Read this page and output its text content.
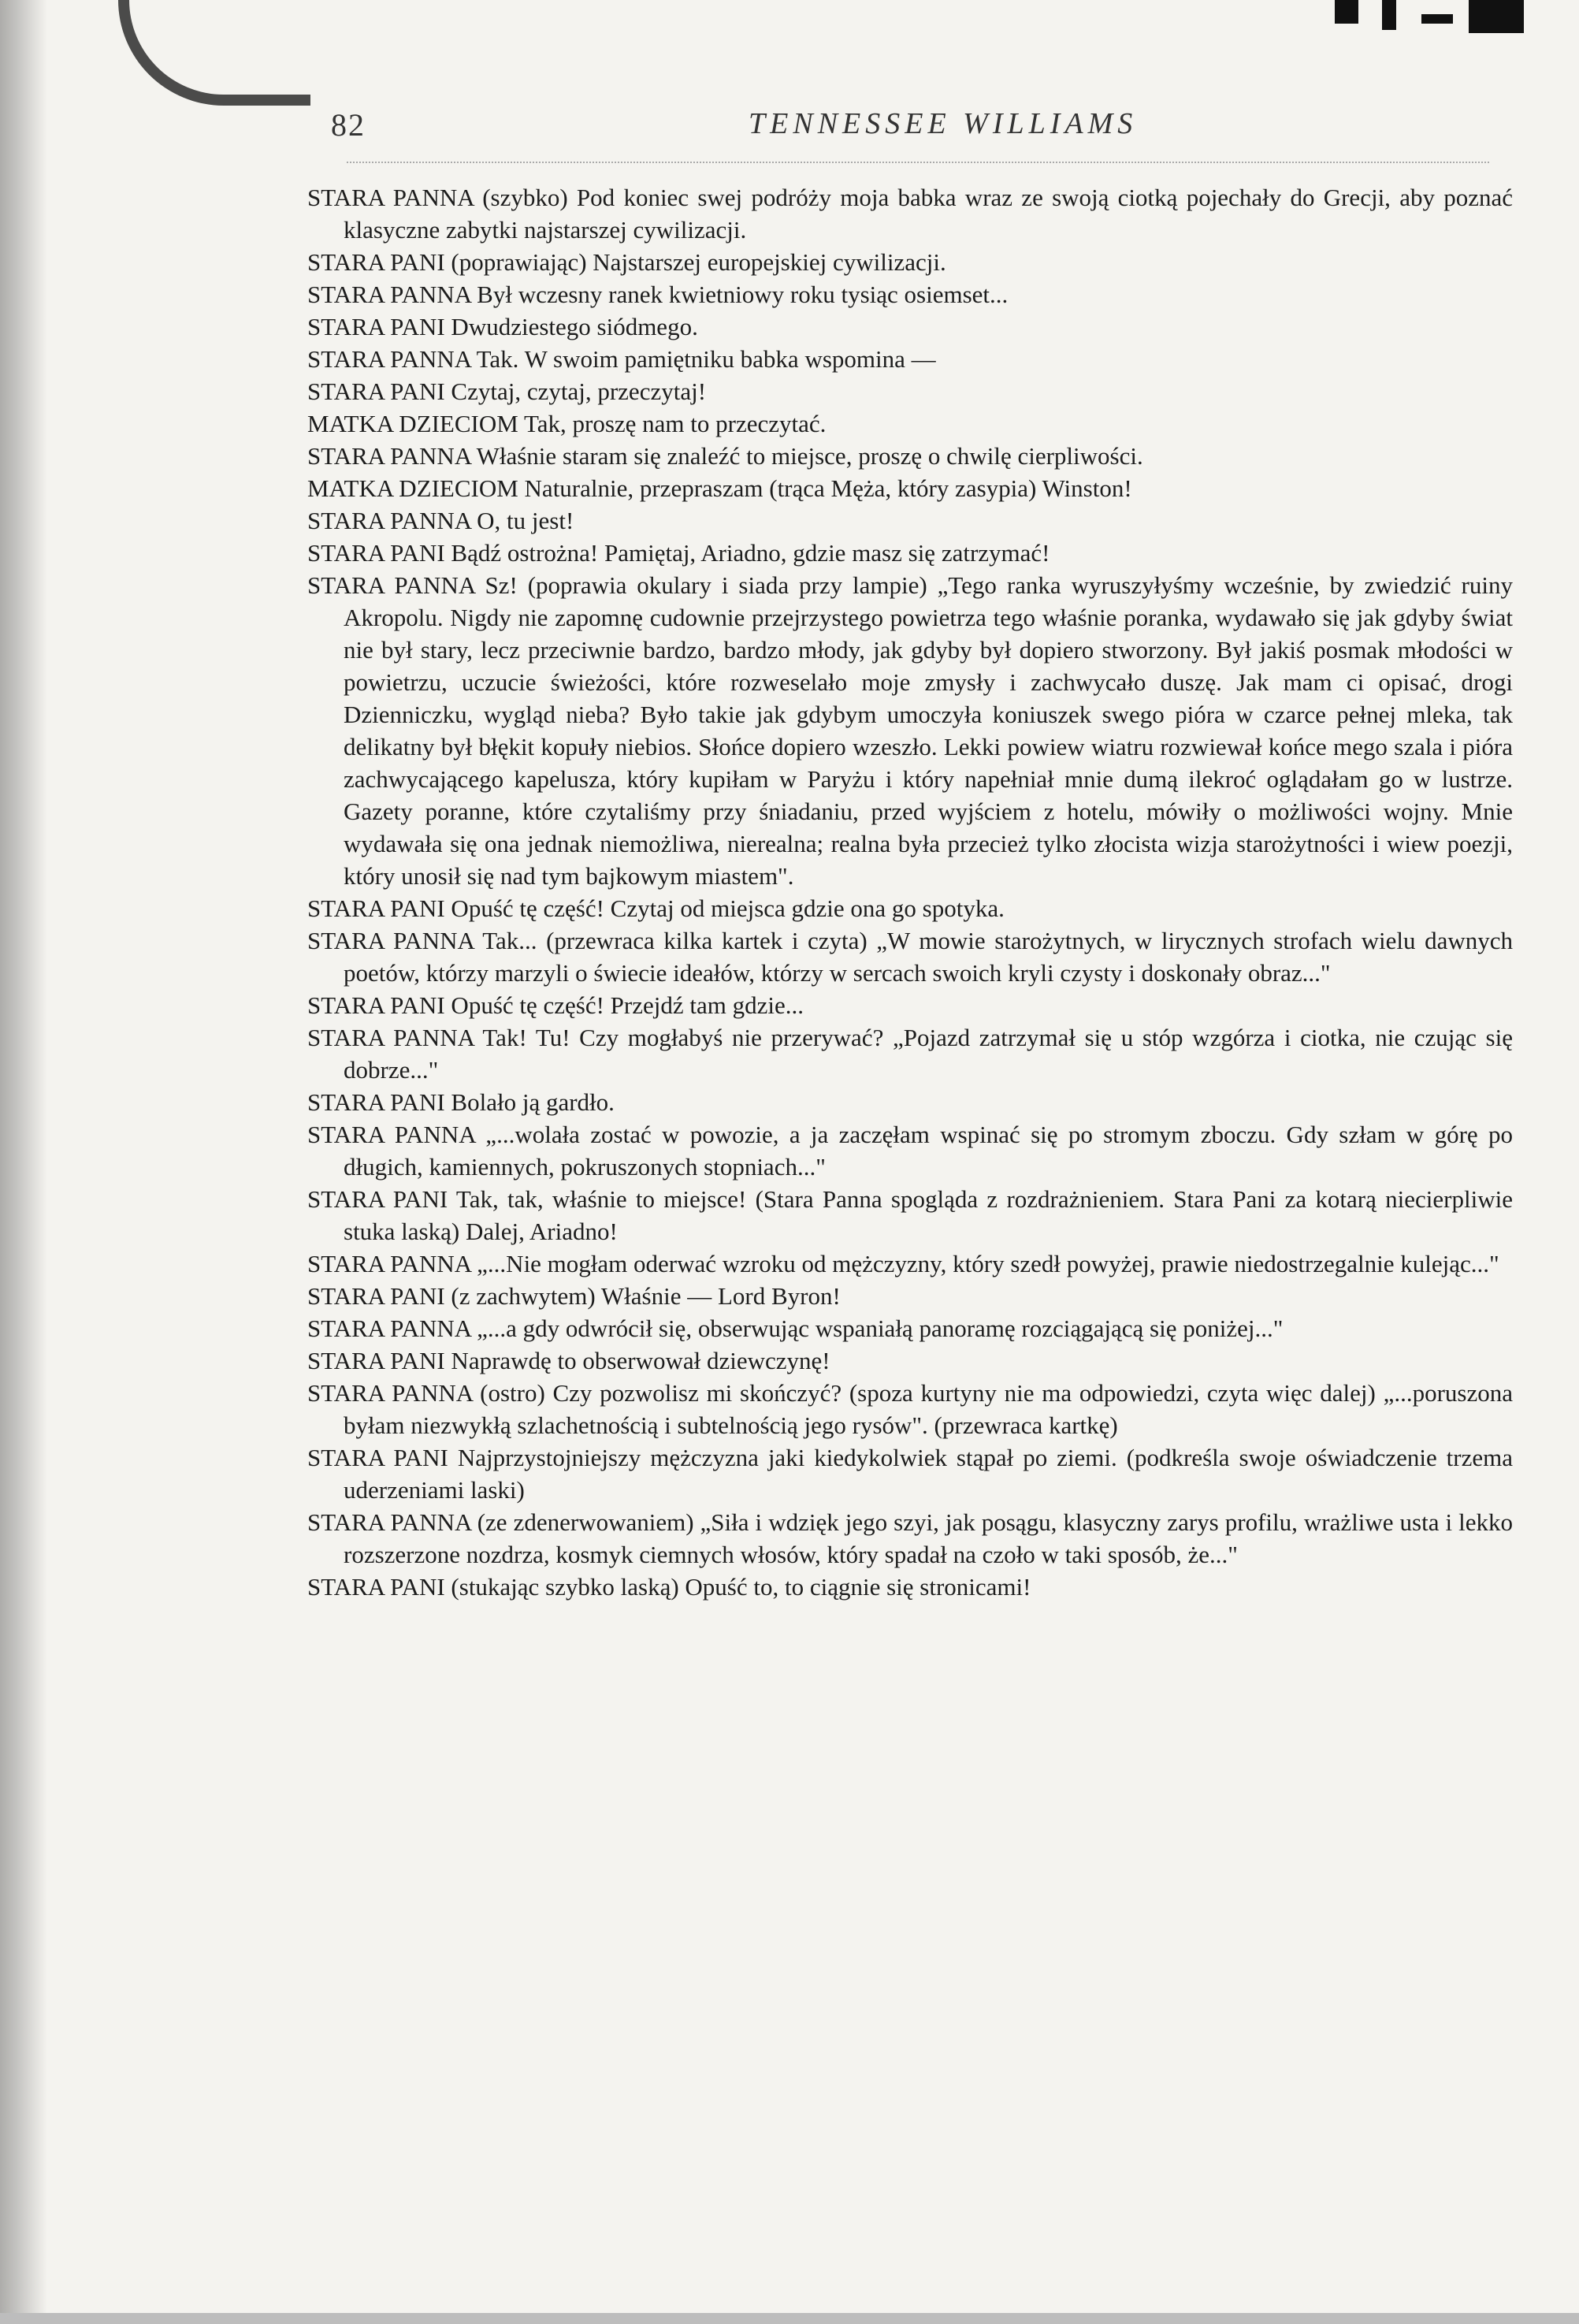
82	TENNESSEE WILLIAMS

STARA PANNA (szybko) Pod koniec swej podróży moja babka wraz ze swoją ciotką pojechały do Grecji, aby poznać klasyczne zabytki najstarszej cywilizacji.

STARA PANI (poprawiając) Najstarszej europejskiej cywilizacji.

STARA PANNA Był wczesny ranek kwietniowy roku tysiąc osiemset...

STARA PANI Dwudziestego siódmego.

STARA PANNA Tak. W swoim pamiętniku babka wspomina —

STARA PANI Czytaj, czytaj, przeczytaj!

MATKA DZIECIOM Tak, proszę nam to przeczytać.

STARA PANNA Właśnie staram się znaleźć to miejsce, proszę o chwilę cierpliwości.

MATKA DZIECIOM Naturalnie, przepraszam (trąca Męża, który zasypia) Winston!

STARA PANNA O, tu jest!

STARA PANI Bądź ostrożna! Pamiętaj, Ariadno, gdzie masz się zatrzymać!

STARA PANNA Sz! (poprawia okulary i siada przy lampie) „Tego ranka wyruszyłyśmy wcześnie, by zwiedzić ruiny Akropolu. Nigdy nie zapomnę cudownie przejrzystego powietrza tego właśnie poranka, wydawało się jak gdyby świat nie był stary, lecz przeciwnie bardzo, bardzo młody, jak gdyby był dopiero stworzony. Był jakiś posmak młodości w powietrzu, uczucie świeżości, które rozweselało moje zmysły i zachwycało duszę. Jak mam ci opisać, drogi Dzienniczku, wygląd nieba? Było takie jak gdybym umoczyła koniuszek swego pióra w czarce pełnej mleka, tak delikatny był błękit kopuły niebios. Słońce dopiero wzeszło. Lekki powiew wiatru rozwiewał końce mego szala i pióra zachwycającego kapelusza, który kupiłam w Paryżu i który napełniał mnie dumą ilekroć oglądałam go w lustrze. Gazety poranne, które czytaliśmy przy śniadaniu, przed wyjściem z hotelu, mówiły o możliwości wojny. Mnie wydawała się ona jednak niemożliwa, nierealna; realna była przecież tylko złocista wizja starożytności i wiew poezji, który unosił się nad tym bajkowym miastem".

STARA PANI Opuść tę część! Czytaj od miejsca gdzie ona go spotyka.

STARA PANNA Tak... (przewraca kilka kartek i czyta) „W mowie starożytnych, w lirycznych strofach wielu dawnych poetów, którzy marzyli o świecie ideałów, którzy w sercach swoich kryli czysty i doskonały obraz..."

STARA PANI Opuść tę część! Przejdź tam gdzie...

STARA PANNA Tak! Tu! Czy mogłabyś nie przerywać? „Pojazd zatrzymał się u stóp wzgórza i ciotka, nie czując się dobrze..."

STARA PANI Bolało ją gardło.

STARA PANNA „...wolała zostać w powozie, a ja zaczęłam wspinać się po stromym zboczu. Gdy szłam w górę po długich, kamiennych, pokruszonych stopniach..."

STARA PANI Tak, tak, właśnie to miejsce! (Stara Panna spogląda z rozdrażnieniem. Stara Pani za kotarą niecierpliwie stuka laską) Dalej, Ariadno!

STARA PANNA „...Nie mogłam oderwać wzroku od mężczyzny, który szedł powyżej, prawie niedostrzegalnie kulejąc..."

STARA PANI (z zachwytem) Właśnie — Lord Byron!

STARA PANNA „...a gdy odwrócił się, obserwując wspaniałą panoramę rozciągającą się poniżej..."

STARA PANI Naprawdę to obserwował dziewczynę!

STARA PANNA (ostro) Czy pozwolisz mi skończyć? (spoza kurtyny nie ma odpowiedzi, czyta więc dalej) „...poruszona byłam niezwykłą szlachetnością i subtelnością jego rysów". (przewraca kartkę)

STARA PANI Najprzystojniejszy mężczyzna jaki kiedykolwiek stąpał po ziemi. (podkreśla swoje oświadczenie trzema uderzeniami laski)

STARA PANNA (ze zdenerwowaniem) „Siła i wdzięk jego szyi, jak posągu, klasyczny zarys profilu, wrażliwe usta i lekko rozszerzone nozdrza, kosmyk ciemnych włosów, który spadał na czoło w taki sposób, że..."

STARA PANI (stukając szybko laską) Opuść to, to ciągnie się stronicami!
